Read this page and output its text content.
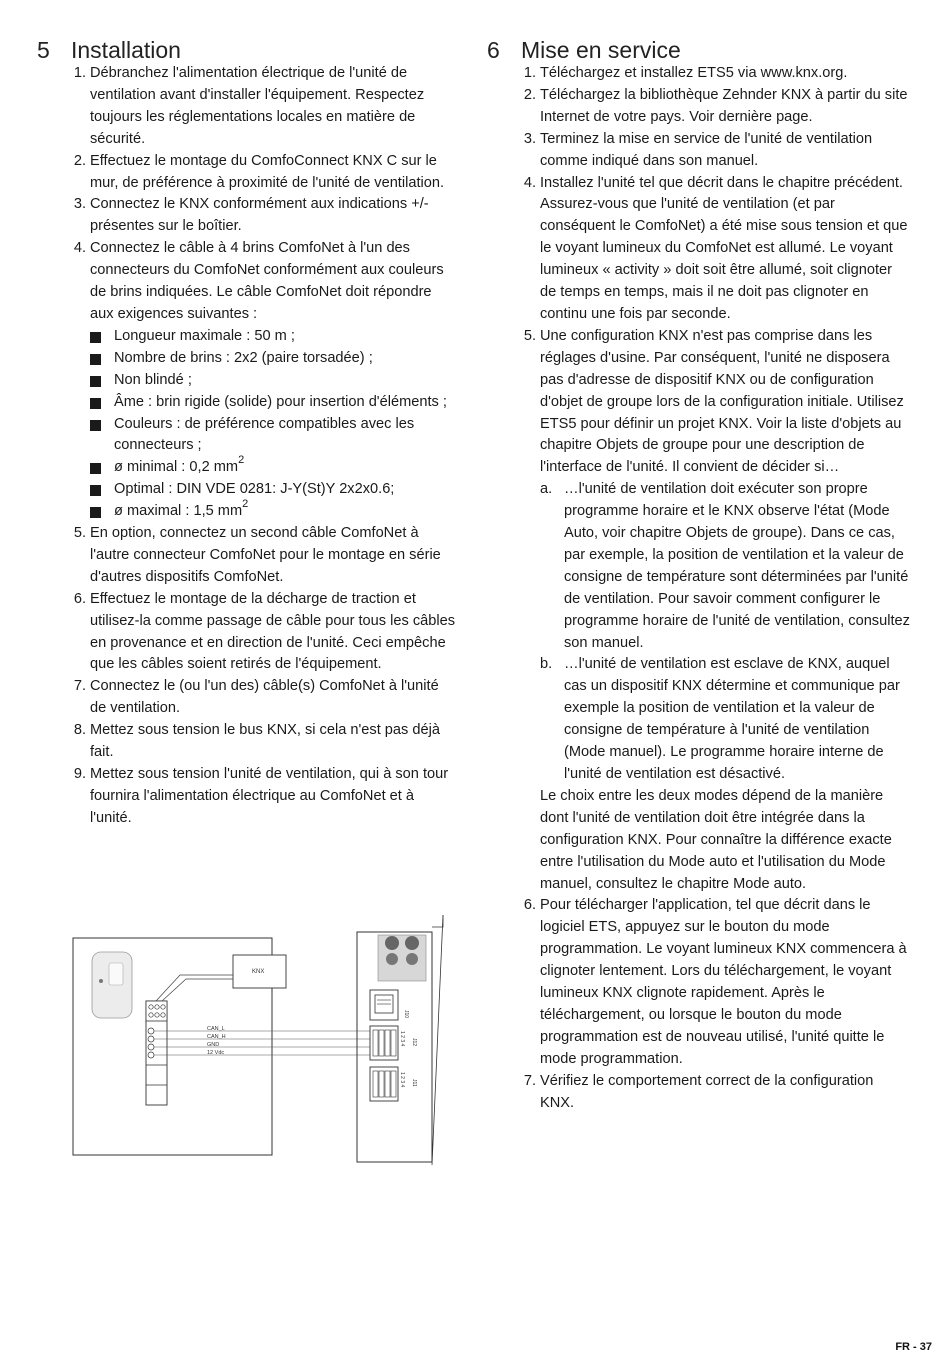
5 Installation
1. Débranchez l'alimentation électrique de l'unité de ventilation avant d'installer l'équipement. Respectez toujours les réglementations locales en matière de sécurité.
2. Effectuez le montage du ComfoConnect KNX C sur le mur, de préférence à proximité de l'unité de ventilation.
3. Connectez le KNX conformément aux indications +/- présentes sur le boîtier.
4. Connectez le câble à 4 brins ComfoNet à l'un des connecteurs du ComfoNet conformément aux couleurs de brins indiquées. Le câble ComfoNet doit répondre aux exigences suivantes :
Longueur maximale : 50 m ;
Nombre de brins : 2x2 (paire torsadée) ;
Non blindé ;
Âme : brin rigide (solide) pour insertion d'éléments ;
Couleurs : de préférence compatibles avec les connecteurs ;
ø minimal : 0,2 $mm^2$
Optimal : DIN VDE 0281: J-Y(St)Y 2x2x0.6;
ø maximal : 1,5 $mm^2$
5. En option, connectez un second câble ComfoNet à l'autre connecteur ComfoNet pour le montage en série d'autres dispositifs ComfoNet.
6. Effectuez le montage de la décharge de traction et utilisez-la comme passage de câble pour tous les câbles en provenance et en direction de l'unité. Ceci empêche que les câbles soient retirés de l'équipement.
7. Connectez le (ou l'un des) câble(s) ComfoNet à l'unité de ventilation.
8. Mettez sous tension le bus KNX, si cela n'est pas déjà fait.
9. Mettez sous tension l'unité de ventilation, qui à son tour fournira l'alimentation électrique au ComfoNet et à l'unité.
KNX
CAN_L
CAN_H
GND
12 Vdc
J10
1 2 3 4 J12
1 2 3 4 J11
6 Mise en service
1. Téléchargez et installez ETS5 via www.knx.org.
2. Téléchargez la bibliothèque Zehnder KNX à partir du site Internet de votre pays. Voir dernière page.
3. Terminez la mise en service de l'unité de ventilation comme indiqué dans son manuel.
4. Installez l'unité tel que décrit dans le chapitre précédent. Assurez-vous que l'unité de ventilation (et par conséquent le ComfoNet) a été mise sous tension et que le voyant lumineux du ComfoNet est allumé. Le voyant lumineux « activity » doit soit être allumé, soit clignoter de temps en temps, mais il ne doit pas clignoter en continu une fois par seconde.
5. Une configuration KNX n'est pas comprise dans les réglages d'usine. Par conséquent, l'unité ne disposera pas d'adresse de dispositif KNX ou de configuration d'objet de groupe lors de la configuration initiale. Utilisez ETS5 pour définir un projet KNX. Voir la liste d'objets au chapitre Objets de groupe pour une description de l'interface de l'unité. Il convient de décider si…
a. …l'unité de ventilation doit exécuter son propre programme horaire et le KNX observe l'état (Mode Auto, voir chapitre Objets de groupe). Dans ce cas, par exemple, la position de ventilation et la valeur de consigne de température sont déterminées par l'unité de ventilation. Pour savoir comment configurer le programme horaire de l'unité de ventilation, consultez son manuel.
b. …l'unité de ventilation est esclave de KNX, auquel cas un dispositif KNX détermine et communique par exemple la position de ventilation et la valeur de consigne de température à l'unité de ventilation (Mode manuel). Le programme horaire interne de l'unité de ventilation est désactivé.
Le choix entre les deux modes dépend de la manière dont l'unité de ventilation doit être intégrée dans la configuration KNX. Pour connaître la différence exacte entre l'utilisation du Mode auto et l'utilisation du Mode manuel, consultez le chapitre Mode auto.
6. Pour télécharger l'application, tel que décrit dans le logiciel ETS, appuyez sur le bouton du mode programmation. Le voyant lumineux KNX commencera à clignoter lentement. Lors du téléchargement, le voyant lumineux KNX clignote rapidement. Après le téléchargement, ou lorsque le bouton du mode programmation est de nouveau utilisé, l'unité quitte le mode programmation.
7. Vérifiez le comportement correct de la configuration KNX.
FR - 37
